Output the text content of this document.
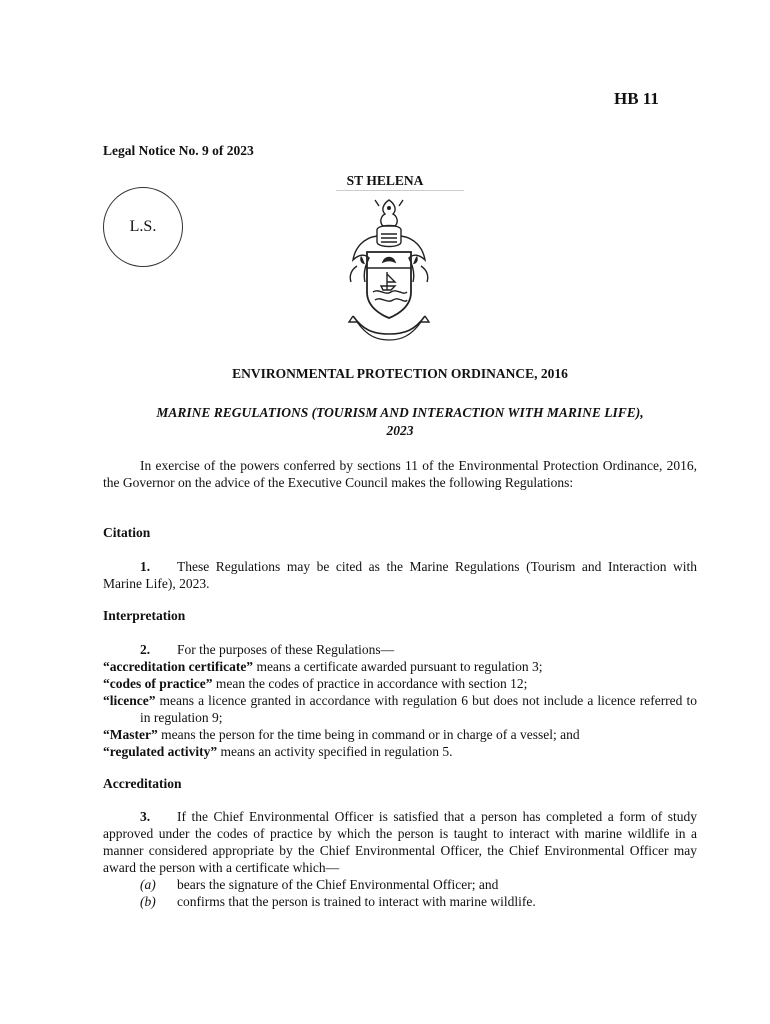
HB 11
Legal Notice No. 9 of 2023
ST HELENA
L.S.
ENVIRONMENTAL PROTECTION ORDINANCE, 2016
MARINE REGULATIONS (TOURISM AND INTERACTION WITH MARINE LIFE),
2023
In exercise of the powers conferred by sections 11 of the Environmental Protection Ordinance, 2016, the Governor on the advice of the Executive Council makes the following Regulations:
Citation
1. These Regulations may be cited as the Marine Regulations (Tourism and Interaction with Marine Life), 2023.
Interpretation
2. For the purposes of these Regulations—

“accreditation certificate” means a certificate awarded pursuant to regulation 3;

“codes of practice” mean the codes of practice in accordance with section 12;

“licence” means a licence granted in accordance with regulation 6 but does not include a licence referred to in regulation 9;

“Master” means the person for the time being in command or in charge of a vessel; and

“regulated activity” means an activity specified in regulation 5.

Accreditation
3. If the Chief Environmental Officer is satisfied that a person has completed a form of study approved under the codes of practice by which the person is taught to interact with marine wildlife in a manner considered appropriate by the Chief Environmental Officer, the Chief Environmental Officer may award the person with a certificate which—
(a)	bears the signature of the Chief Environmental Officer; and
(b)	confirms that the person is trained to interact with marine wildlife.
